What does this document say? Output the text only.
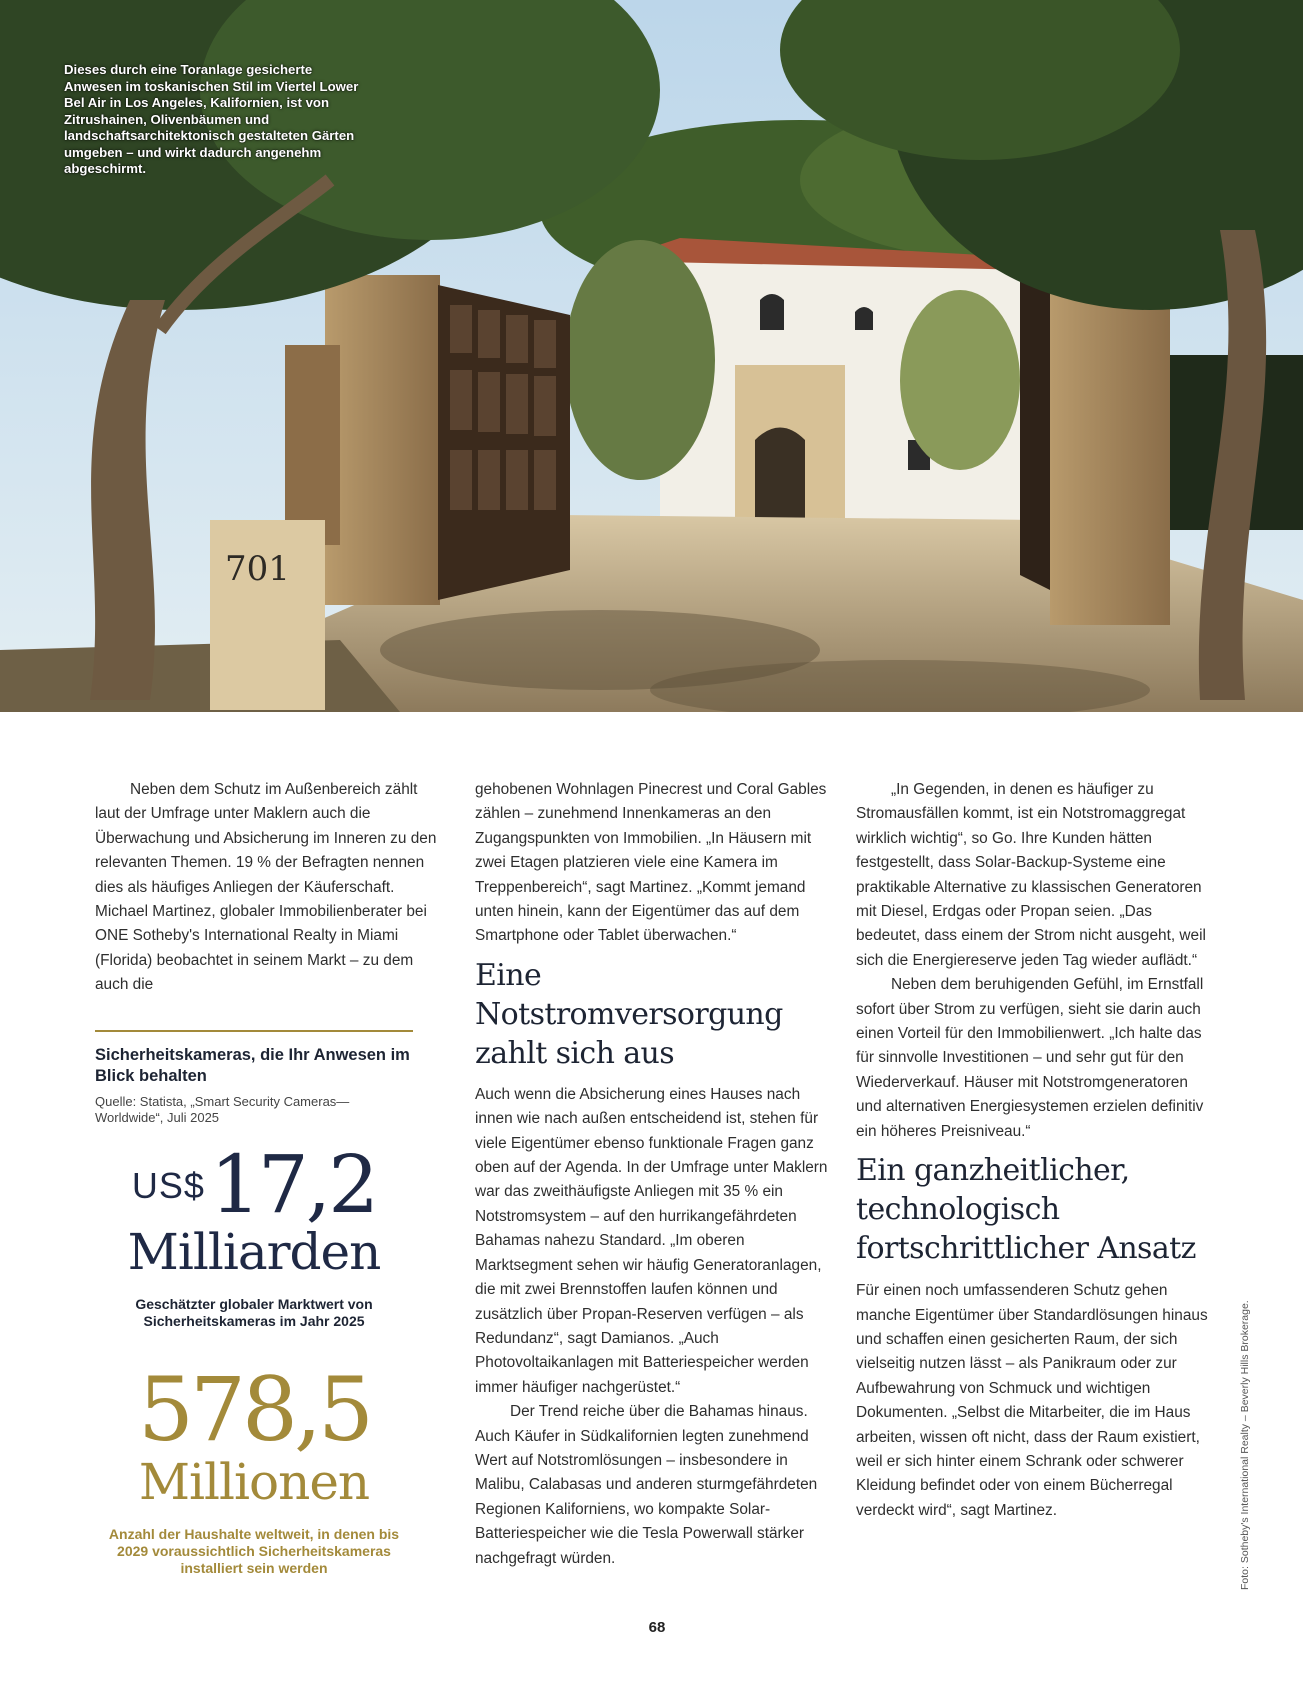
701
Dieses durch eine Toranlage gesicherte Anwesen im toskanischen Stil im Viertel Lower Bel Air in Los Angeles, Kalifornien, ist von Zitrushainen, Olivenbäumen und landschaftsarchitektonisch gestalteten Gärten umgeben – und wirkt dadurch angenehm abgeschirmt.

Neben dem Schutz im Außenbereich zählt laut der Umfrage unter Maklern auch die Überwachung und Absicherung im Inneren zu den relevanten Themen. 19 % der Befragten nennen dies als häufiges Anliegen der Käuferschaft. Michael Martinez, globaler Immobilienberater bei ONE Sotheby's International Realty in Miami (Florida) beobachtet in seinem Markt – zu dem auch die

Sicherheitskameras, die Ihr Anwesen im Blick behalten
Quelle: Statista, „Smart Security Cameras—Worldwide“, Juli 2025
US$ 17,2
Milliarden
Geschätzter globaler Marktwert von Sicherheitskameras im Jahr 2025
578,5
Millionen
Anzahl der Haushalte weltweit, in denen bis 2029 voraussichtlich Sicherheitskameras installiert sein werden

gehobenen Wohnlagen Pinecrest und Coral Gables zählen – zunehmend Innenkameras an den Zugangspunkten von Immobilien. „In Häusern mit zwei Etagen platzieren viele eine Kamera im Treppenbereich“, sagt Martinez. „Kommt jemand unten hinein, kann der Eigentümer das auf dem Smartphone oder Tablet überwachen.“

Eine Notstromversorgung zahlt sich aus

Auch wenn die Absicherung eines Hauses nach innen wie nach außen entscheidend ist, stehen für viele Eigentümer ebenso funktionale Fragen ganz oben auf der Agenda. In der Umfrage unter Maklern war das zweithäufigste Anliegen mit 35 % ein Notstromsystem – auf den hurrikangefährdeten Bahamas nahezu Standard. „Im oberen Marktsegment sehen wir häufig Generatoranlagen, die mit zwei Brennstoffen laufen können und zusätzlich über Propan-Reserven verfügen – als Redundanz“, sagt Damianos. „Auch Photovoltaikanlagen mit Batteriespeicher werden immer häufiger nachgerüstet.“

Der Trend reiche über die Bahamas hinaus. Auch Käufer in Südkalifornien legten zunehmend Wert auf Notstromlösungen – insbesondere in Malibu, Calabasas und anderen sturmgefährdeten Regionen Kaliforniens, wo kompakte Solar-Batteriespeicher wie die Tesla Powerwall stärker nachgefragt würden.

„In Gegenden, in denen es häufiger zu Stromausfällen kommt, ist ein Notstromaggregat wirklich wichtig“, so Go. Ihre Kunden hätten festgestellt, dass Solar-Backup-Systeme eine praktikable Alternative zu klassischen Generatoren mit Diesel, Erdgas oder Propan seien. „Das bedeutet, dass einem der Strom nicht ausgeht, weil sich die Energiereserve jeden Tag wieder auflädt.“

Neben dem beruhigenden Gefühl, im Ernstfall sofort über Strom zu verfügen, sieht sie darin auch einen Vorteil für den Immobilienwert. „Ich halte das für sinnvolle Investitionen – und sehr gut für den Wiederverkauf. Häuser mit Notstromgeneratoren und alternativen Energiesystemen erzielen definitiv ein höheres Preisniveau.“

Ein ganzheitlicher, technologisch fortschrittlicher Ansatz

Für einen noch umfassenderen Schutz gehen manche Eigentümer über Standardlösungen hinaus und schaffen einen gesicherten Raum, der sich vielseitig nutzen lässt – als Panikraum oder zur Aufbewahrung von Schmuck und wichtigen Dokumenten. „Selbst die Mitarbeiter, die im Haus arbeiten, wissen oft nicht, dass der Raum existiert, weil er sich hinter einem Schrank oder schwerer Kleidung befindet oder von einem Bücherregal verdeckt wird“, sagt Martinez.	Foto: Sotheby's International Realty – Beverly Hills Brokerage.
68
